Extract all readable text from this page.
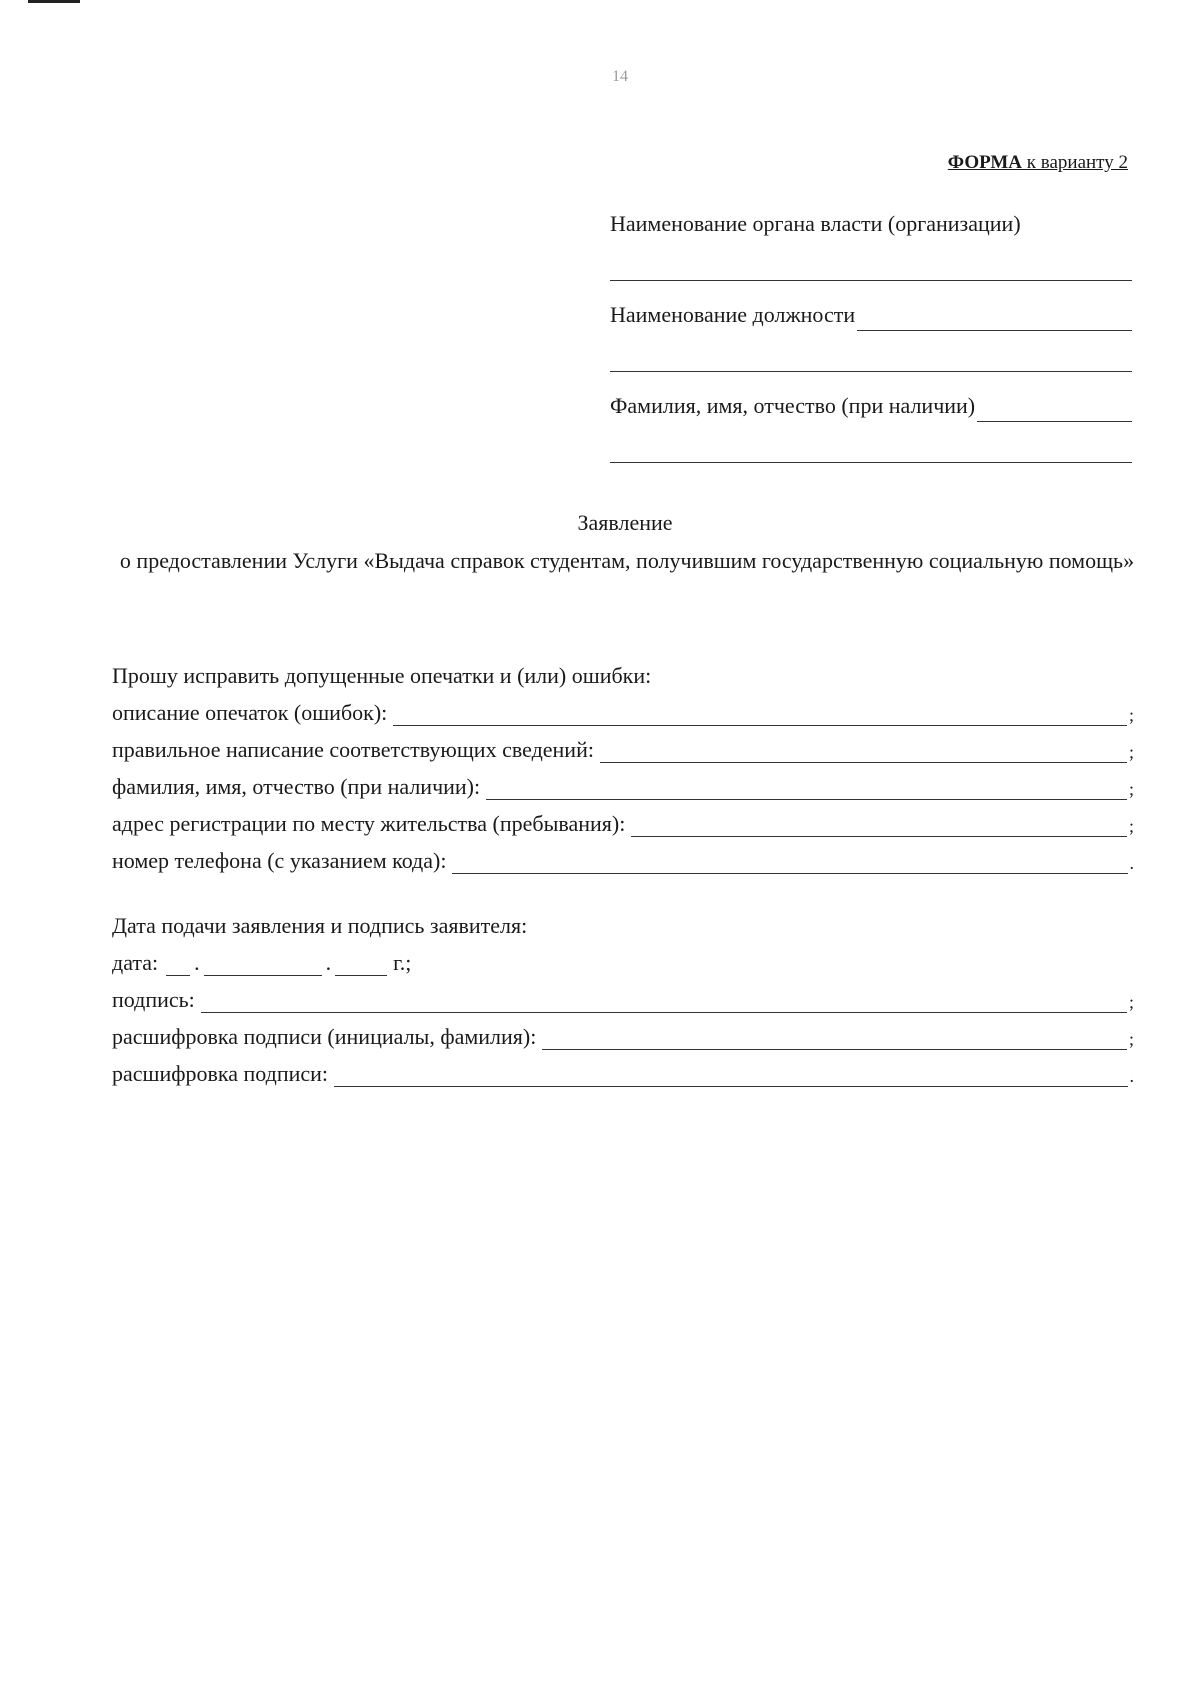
14
ФОРМА к варианту 2
Наименование органа власти (организации)
Наименование должности
Фамилия, имя, отчество (при наличии)
Заявление
о предоставлении Услуги «Выдача справок студентам, получившим государственную социальную помощь»
Прошу исправить допущенные опечатки и (или) ошибки:
описание опечаток (ошибок):	;
правильное написание соответствующих сведений:	;
фамилия, имя, отчество (при наличии):	;
адрес регистрации по месту жительства (пребывания):	;
номер телефона (с указанием кода):	.
Дата подачи заявления и подпись заявителя:
дата: .	.	г.;
подпись:	;
расшифровка подписи (инициалы, фамилия):	;
расшифровка подписи:	.
